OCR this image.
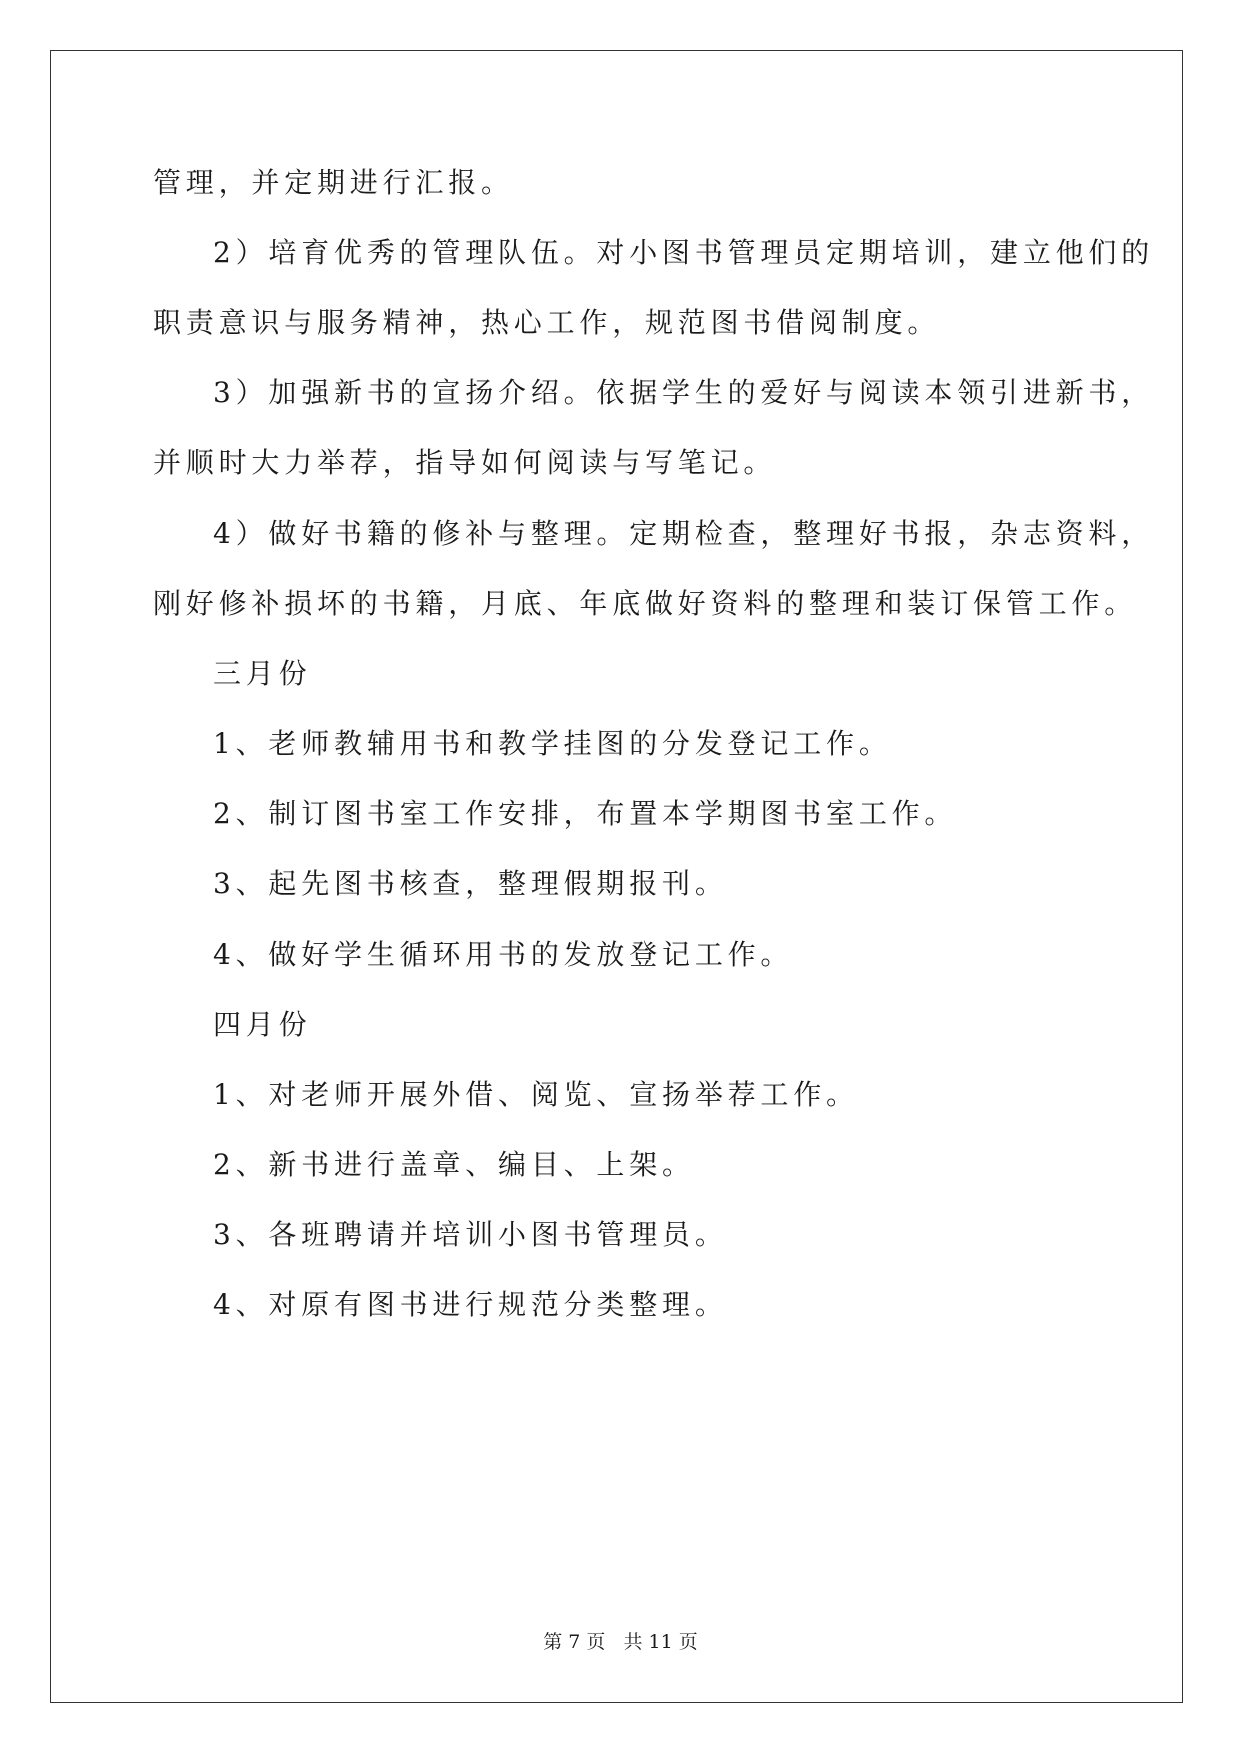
管理，并定期进行汇报。
2）培育优秀的管理队伍。对小图书管理员定期培训，建立他们的
职责意识与服务精神，热心工作，规范图书借阅制度。
3）加强新书的宣扬介绍。依据学生的爱好与阅读本领引进新书，
并顺时大力举荐，指导如何阅读与写笔记。
4）做好书籍的修补与整理。定期检查，整理好书报，杂志资料，
刚好修补损坏的书籍，月底、年底做好资料的整理和装订保管工作。
三月份
1、老师教辅用书和教学挂图的分发登记工作。
2、制订图书室工作安排，布置本学期图书室工作。
3、起先图书核查，整理假期报刊。
4、做好学生循环用书的发放登记工作。
四月份
1、对老师开展外借、阅览、宣扬举荐工作。
2、新书进行盖章、编目、上架。
3、各班聘请并培训小图书管理员。
4、对原有图书进行规范分类整理。
第 7 页   共 11 页
